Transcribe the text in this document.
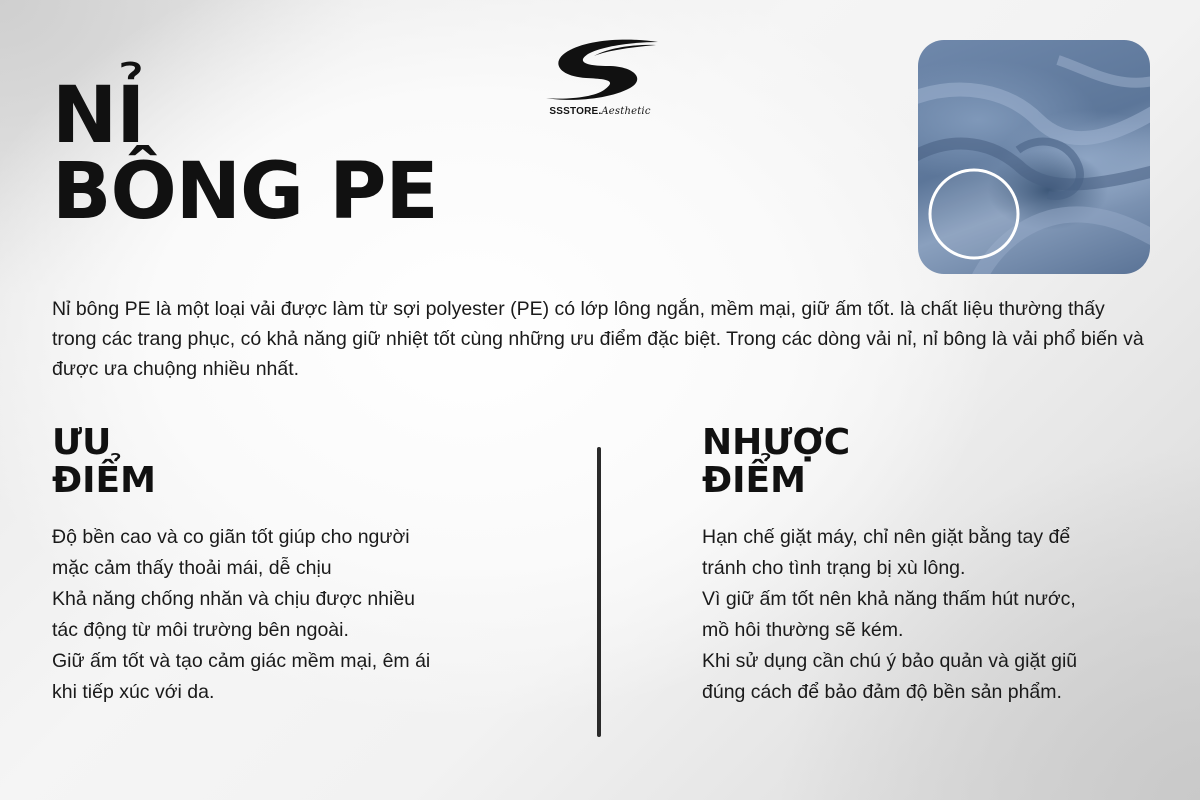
SSSTORE.Aesthetic
NỈ
BÔNG PE

Nỉ bông PE là một loại vải được làm từ sợi polyester (PE) có lớp lông ngắn, mềm mại, giữ ấm tốt. là chất liệu thường thấy trong các trang phục, có khả năng giữ nhiệt tốt cùng những ưu điểm đặc biệt. Trong các dòng vải nỉ, nỉ bông là vải phổ biến và được ưa chuộng nhiều nhất.

ƯU
ĐIỂM
Độ bền cao và co giãn tốt giúp cho người
mặc cảm thấy thoải mái, dễ chịu
Khả năng chống nhăn và chịu được nhiều
tác động từ môi trường bên ngoài.
Giữ ấm tốt và tạo cảm giác mềm mại, êm ái
khi tiếp xúc với da.
NHƯỢC
ĐIỂM
Hạn chế giặt máy, chỉ nên giặt bằng tay để
tránh cho tình trạng bị xù lông.
Vì giữ ấm tốt nên khả năng thấm hút nước,
mồ hôi thường sẽ kém.
Khi sử dụng cần chú ý bảo quản và giặt giũ
đúng cách để bảo đảm độ bền sản phẩm.
